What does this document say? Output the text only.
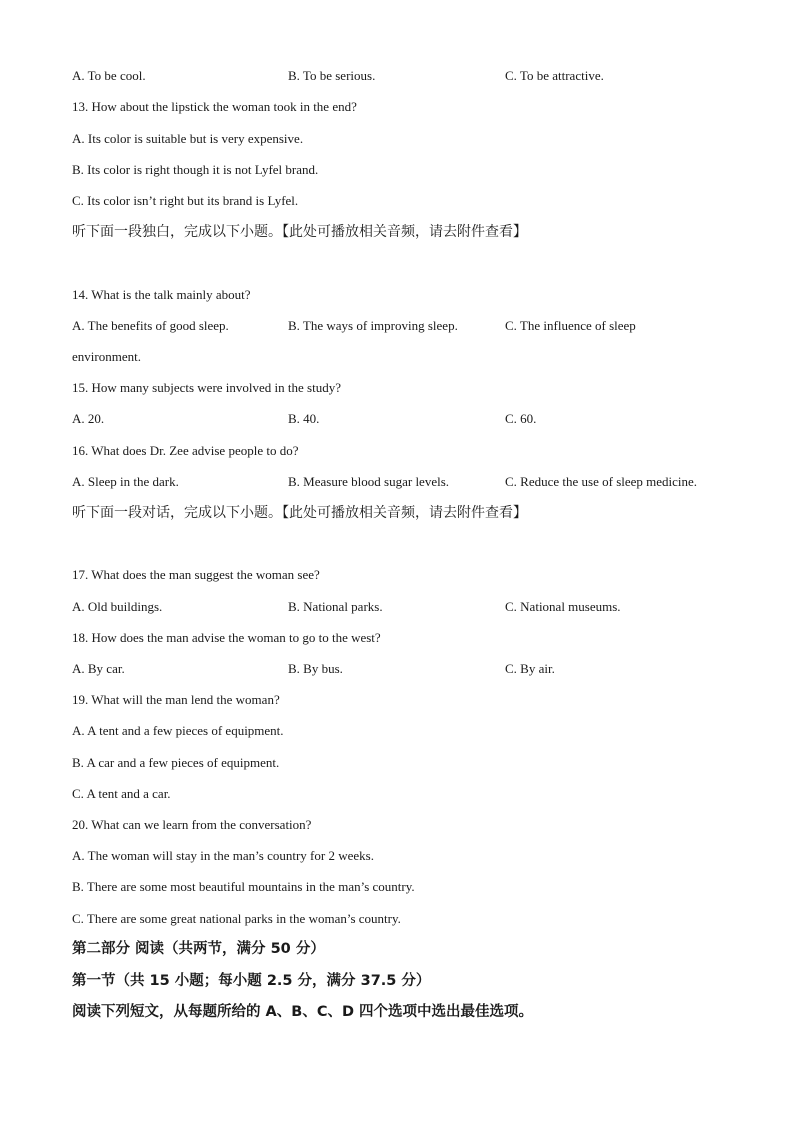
A. To be cool.	B. To be serious.	C. To be attractive.
13. How about the lipstick the woman took in the end?
A. Its color is suitable but is very expensive.
B. Its color is right though it is not Lyfel brand.
C. Its color isn’t right but its brand is Lyfel.
听下面一段独白，完成以下小题。【此处可播放相关音频，请去附件查看】
14. What is the talk mainly about?
A. The benefits of good sleep.	B. The ways of improving sleep.	C. The influence of sleep
environment.
15. How many subjects were involved in the study?
A. 20.	B. 40.	C. 60.
16. What does Dr. Zee advise people to do?
A. Sleep in the dark.	B. Measure blood sugar levels.	C. Reduce the use of sleep medicine.
听下面一段对话，完成以下小题。【此处可播放相关音频，请去附件查看】
17. What does the man suggest the woman see?
A. Old buildings.	B. National parks.	C. National museums.
18. How does the man advise the woman to go to the west?
A. By car.	B. By bus.	C. By air.
19. What will the man lend the woman?
A. A tent and a few pieces of equipment.
B. A car and a few pieces of equipment.
C. A tent and a car.
20. What can we learn from the conversation?
A. The woman will stay in the man’s country for 2 weeks.
B. There are some most beautiful mountains in the man’s country.
C. There are some great national parks in the woman’s country.
第二部分 阅读（共两节，满分 50 分）
第一节（共 15 小题；每小题 2.5 分，满分 37.5 分）
阅读下列短文，从每题所给的 A、B、C、D 四个选项中选出最佳选项。
